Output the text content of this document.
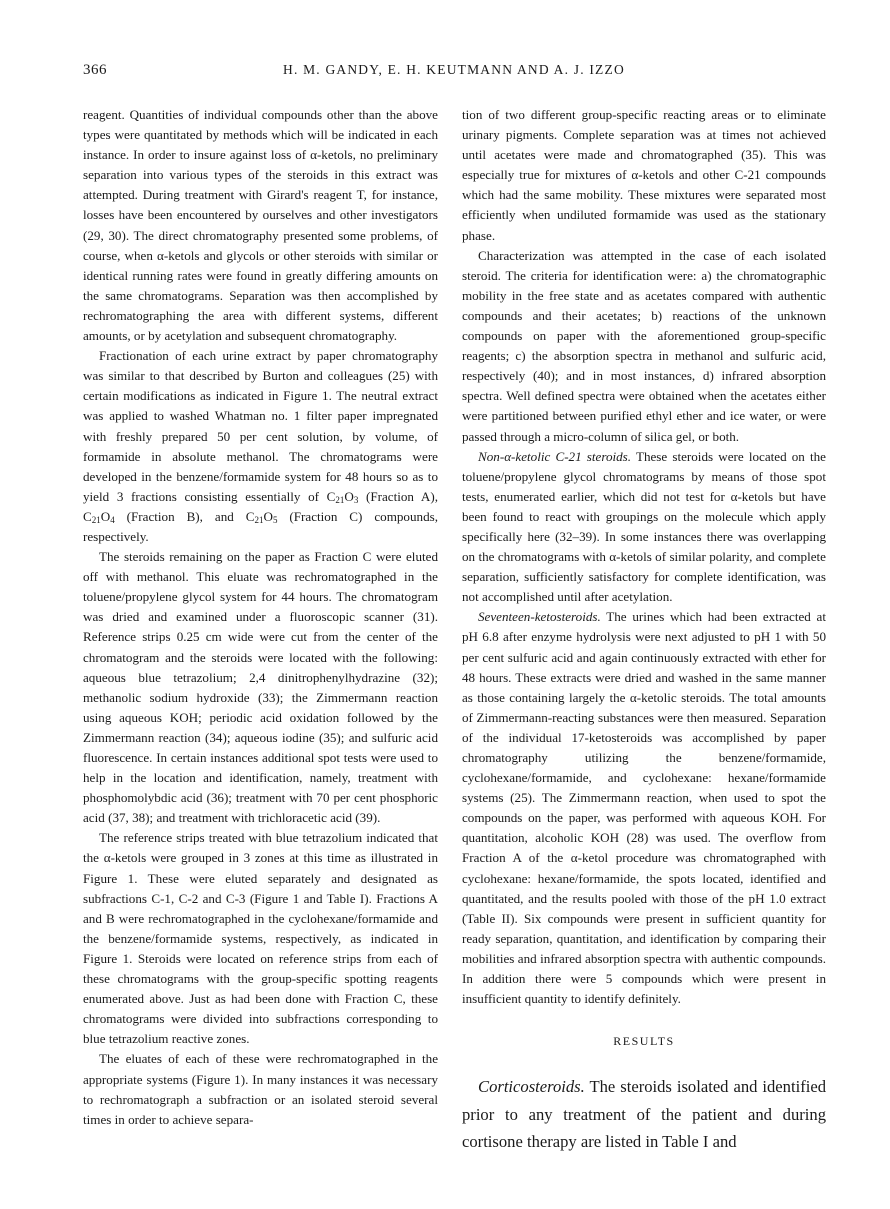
366	H. M. GANDY, E. H. KEUTMANN AND A. J. IZZO

reagent. Quantities of individual compounds other than the above types were quantitated by methods which will be indicated in each instance. In order to insure against loss of α-ketols, no preliminary separation into various types of the steroids in this extract was attempted. During treatment with Girard's reagent T, for instance, losses have been encountered by ourselves and other investigators (29, 30). The direct chromatography presented some problems, of course, when α-ketols and glycols or other steroids with similar or identical running rates were found in greatly differing amounts on the same chromatograms. Separation was then accomplished by rechromatographing the area with different systems, different amounts, or by acetylation and subsequent chromatography.

Fractionation of each urine extract by paper chromatography was similar to that described by Burton and colleagues (25) with certain modifications as indicated in Figure 1. The neutral extract was applied to washed Whatman no. 1 filter paper impregnated with freshly prepared 50 per cent solution, by volume, of formamide in absolute methanol. The chromatograms were developed in the benzene/formamide system for 48 hours so as to yield 3 fractions consisting essentially of $C_{21}O_3$ (Fraction A), $C_{21}O_4$ (Fraction B), and $C_{21}O_5$ (Fraction C) compounds, respectively.

The steroids remaining on the paper as Fraction C were eluted off with methanol. This eluate was rechromatographed in the toluene/propylene glycol system for 44 hours. The chromatogram was dried and examined under a fluoroscopic scanner (31). Reference strips 0.25 cm wide were cut from the center of the chromatogram and the steroids were located with the following: aqueous blue tetrazolium; 2,4 dinitrophenylhydrazine (32); methanolic sodium hydroxide (33); the Zimmermann reaction using aqueous KOH; periodic acid oxidation followed by the Zimmermann reaction (34); aqueous iodine (35); and sulfuric acid fluorescence. In certain instances additional spot tests were used to help in the location and identification, namely, treatment with phosphomolybdic acid (36); treatment with 70 per cent phosphoric acid (37, 38); and treatment with trichloracetic acid (39).

The reference strips treated with blue tetrazolium indicated that the α-ketols were grouped in 3 zones at this time as illustrated in Figure 1. These were eluted separately and designated as subfractions C-1, C-2 and C-3 (Figure 1 and Table I). Fractions A and B were rechromatographed in the cyclohexane/formamide and the benzene/formamide systems, respectively, as indicated in Figure 1. Steroids were located on reference strips from each of these chromatograms with the group-specific spotting reagents enumerated above. Just as had been done with Fraction C, these chromatograms were divided into subfractions corresponding to blue tetrazolium reactive zones.

The eluates of each of these were rechromatographed in the appropriate systems (Figure 1). In many instances it was necessary to rechromatograph a subfraction or an isolated steroid several times in order to achieve separa-

tion of two different group-specific reacting areas or to eliminate urinary pigments. Complete separation was at times not achieved until acetates were made and chromatographed (35). This was especially true for mixtures of α-ketols and other C-21 compounds which had the same mobility. These mixtures were separated most efficiently when undiluted formamide was used as the stationary phase.

Characterization was attempted in the case of each isolated steroid. The criteria for identification were: a) the chromatographic mobility in the free state and as acetates compared with authentic compounds and their acetates; b) reactions of the unknown compounds on paper with the aforementioned group-specific reagents; c) the absorption spectra in methanol and sulfuric acid, respectively (40); and in most instances, d) infrared absorption spectra. Well defined spectra were obtained when the acetates either were partitioned between purified ethyl ether and ice water, or were passed through a micro-column of silica gel, or both.

Non-α-ketolic C-21 steroids. These steroids were located on the toluene/propylene glycol chromatograms by means of those spot tests, enumerated earlier, which did not test for α-ketols but have been found to react with groupings on the molecule which apply specifically here (32–39). In some instances there was overlapping on the chromatograms with α-ketols of similar polarity, and complete separation, sufficiently satisfactory for complete identification, was not accomplished until after acetylation.

Seventeen-ketosteroids. The urines which had been extracted at pH 6.8 after enzyme hydrolysis were next adjusted to pH 1 with 50 per cent sulfuric acid and again continuously extracted with ether for 48 hours. These extracts were dried and washed in the same manner as those containing largely the α-ketolic steroids. The total amounts of Zimmermann-reacting substances were then measured. Separation of the individual 17-ketosteroids was accomplished by paper chromatography utilizing the benzene/formamide, cyclohexane/formamide, and cyclohexane: hexane/formamide systems (25). The Zimmermann reaction, when used to spot the compounds on the paper, was performed with aqueous KOH. For quantitation, alcoholic KOH (28) was used. The overflow from Fraction A of the α-ketol procedure was chromatographed with cyclohexane: hexane/formamide, the spots located, identified and quantitated, and the results pooled with those of the pH 1.0 extract (Table II). Six compounds were present in sufficient quantity for ready separation, quantitation, and identification by comparing their mobilities and infrared absorption spectra with authentic compounds. In addition there were 5 compounds which were present in insufficient quantity to identify definitely.

RESULTS

Corticosteroids. The steroids isolated and identified prior to any treatment of the patient and during cortisone therapy are listed in Table I and
